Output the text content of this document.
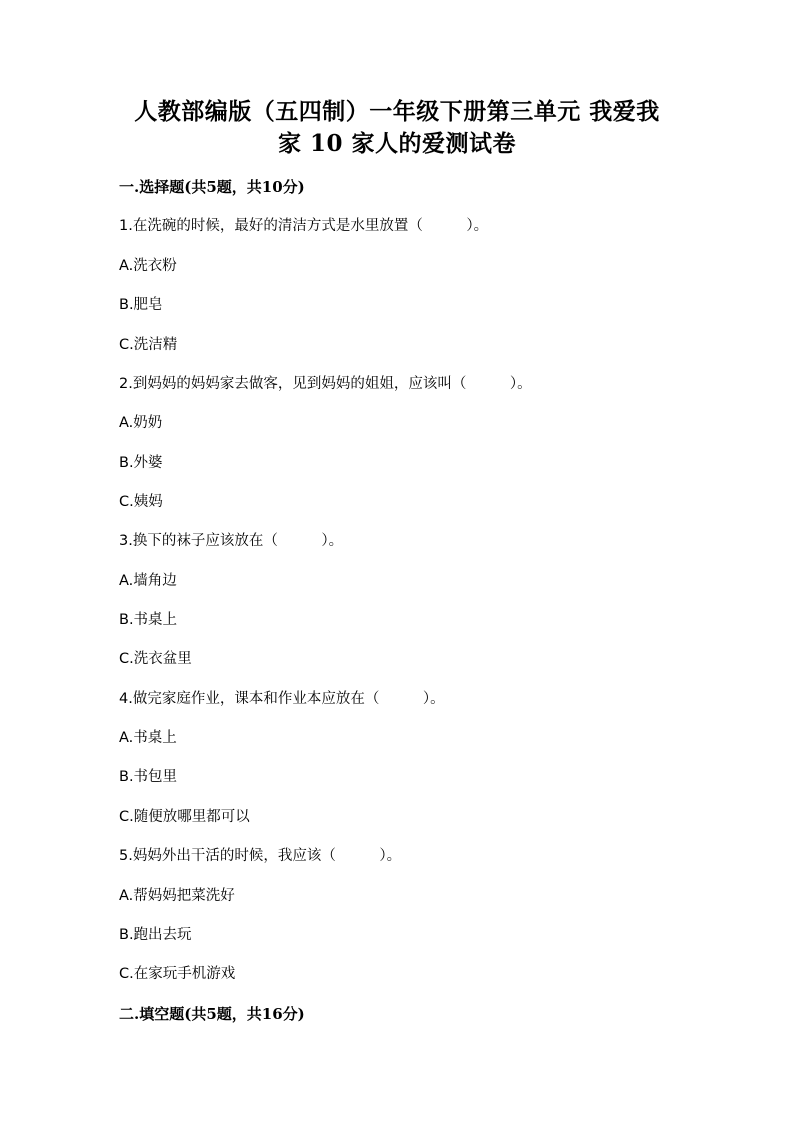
人教部编版（五四制）一年级下册第三单元 我爱我
家 10 家人的爱测试卷
一.选择题(共5题，共10分)
1.在洗碗的时候，最好的清洁方式是水里放置（　　　）。
A.洗衣粉
B.肥皂
C.洗洁精
2.到妈妈的妈妈家去做客，见到妈妈的姐姐，应该叫（　　　）。
A.奶奶
B.外婆
C.姨妈
3.换下的袜子应该放在（　　　）。
A.墙角边
B.书桌上
C.洗衣盆里
4.做完家庭作业，课本和作业本应放在（　　　）。
A.书桌上
B.书包里
C.随便放哪里都可以
5.妈妈外出干活的时候，我应该（　　　）。
A.帮妈妈把菜洗好
B.跑出去玩
C.在家玩手机游戏
二.填空题(共5题，共16分)
